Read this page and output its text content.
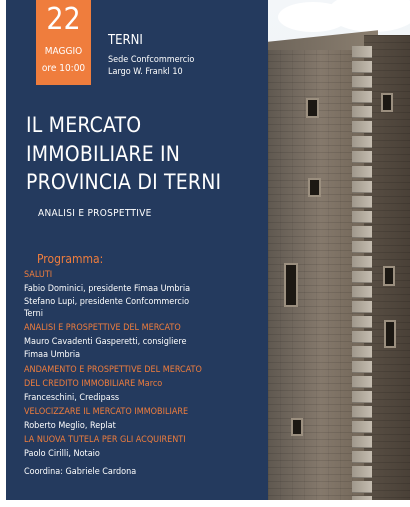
22
MAGGIO
ore 10:00
TERNI
Sede Confcommercio
Largo W. Frankl 10
IL MERCATO
IMMOBILIARE IN
PROVINCIA DI TERNI
ANALISI E PROSPETTIVE
Programma:
SALUTI
Fabio Dominici, presidente Fimaa Umbria
Stefano Lupi, presidente Confcommercio
Terni
ANALISI E PROSPETTIVE DEL MERCATO
Mauro Cavadenti Gasperetti, consigliere
Fimaa Umbria
ANDAMENTO E PROSPETTIVE DEL MERCATO
DEL CREDITO IMMOBILIARE Marco
Franceschini, Credipass
VELOCIZZARE IL MERCATO IMMOBILIARE
Roberto Meglio, Replat
LA NUOVA TUTELA PER GLI ACQUIRENTI
Paolo Cirilli, Notaio
Coordina: Gabriele Cardona
